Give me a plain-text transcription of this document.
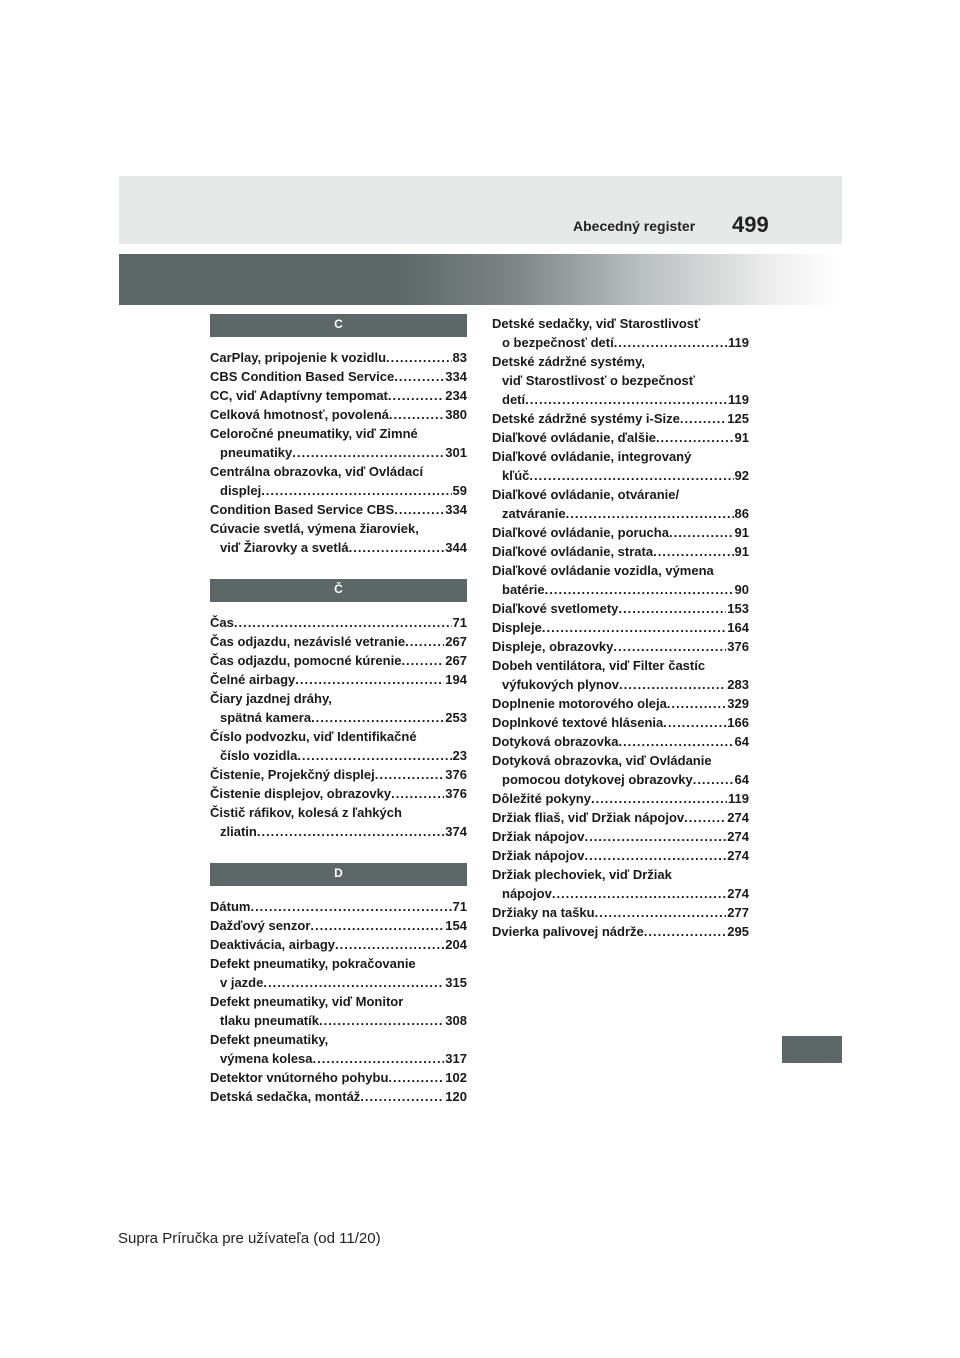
Abecedný register 499
C
CarPlay, pripojenie k vozidlu .....	83
CBS Condition Based Service .....	334
CC, viď Adaptívny tempomat .....	234
Celková hmotnosť, povolená .....	380
Celoročné pneumatiky, viď Zimné
pneumatiky .....	301
Centrálna obrazovka, viď Ovládací
displej .....	59
Condition Based Service CBS .....	334
Cúvacie svetlá, výmena žiaroviek,
viď Žiarovky a svetlá .....	344
Č
Čas .....	71
Čas odjazdu, nezávislé vetranie .....	267
Čas odjazdu, pomocné kúrenie .....	267
Čelné airbagy .....	194
Čiary jazdnej dráhy,
spätná kamera .....	253
Číslo podvozku, viď Identifikačné
číslo vozidla .....	23
Čistenie, Projekčný displej .....	376
Čistenie displejov, obrazovky .....	376
Čistič ráfikov, kolesá z ľahkých
zliatin .....	374
D
Dátum .....	71
Dažďový senzor .....	154
Deaktivácia, airbagy .....	204
Defekt pneumatiky, pokračovanie
v jazde .....	315
Defekt pneumatiky, viď Monitor
tlaku pneumatík .....	308
Defekt pneumatiky,
výmena kolesa .....	317
Detektor vnútorného pohybu .....	102
Detská sedačka, montáž .....	120
Detské sedačky, viď Starostlivosť
o bezpečnosť detí .....	119
Detské zádržné systémy,
viď Starostlivosť o bezpečnosť
detí .....	119
Detské zádržné systémy i-Size .....	125
Diaľkové ovládanie, ďalšie .....	91
Diaľkové ovládanie, integrovaný
kľúč .....	92
Diaľkové ovládanie, otváranie/
zatváranie .....	86
Diaľkové ovládanie, porucha .....	91
Diaľkové ovládanie, strata .....	91
Diaľkové ovládanie vozidla, výmena
batérie .....	90
Diaľkové svetlomety .....	153
Displeje .....	164
Displeje, obrazovky .....	376
Dobeh ventilátora, viď Filter častíc
výfukových plynov .....	283
Doplnenie motorového oleja .....	329
Doplnkové textové hlásenia .....	166
Dotyková obrazovka .....	64
Dotyková obrazovka, viď Ovládanie
pomocou dotykovej obrazovky .....	64
Dôležité pokyny .....	119
Držiak fliaš, viď Držiak nápojov .....	274
Držiak nápojov .....	274
Držiak nápojov .....	274
Držiak plechoviek, viď Držiak
nápojov .....	274
Držiaky na tašku .....	277
Dvierka palivovej nádrže .....	295
Supra Príručka pre užívateľa (od 11/20)
